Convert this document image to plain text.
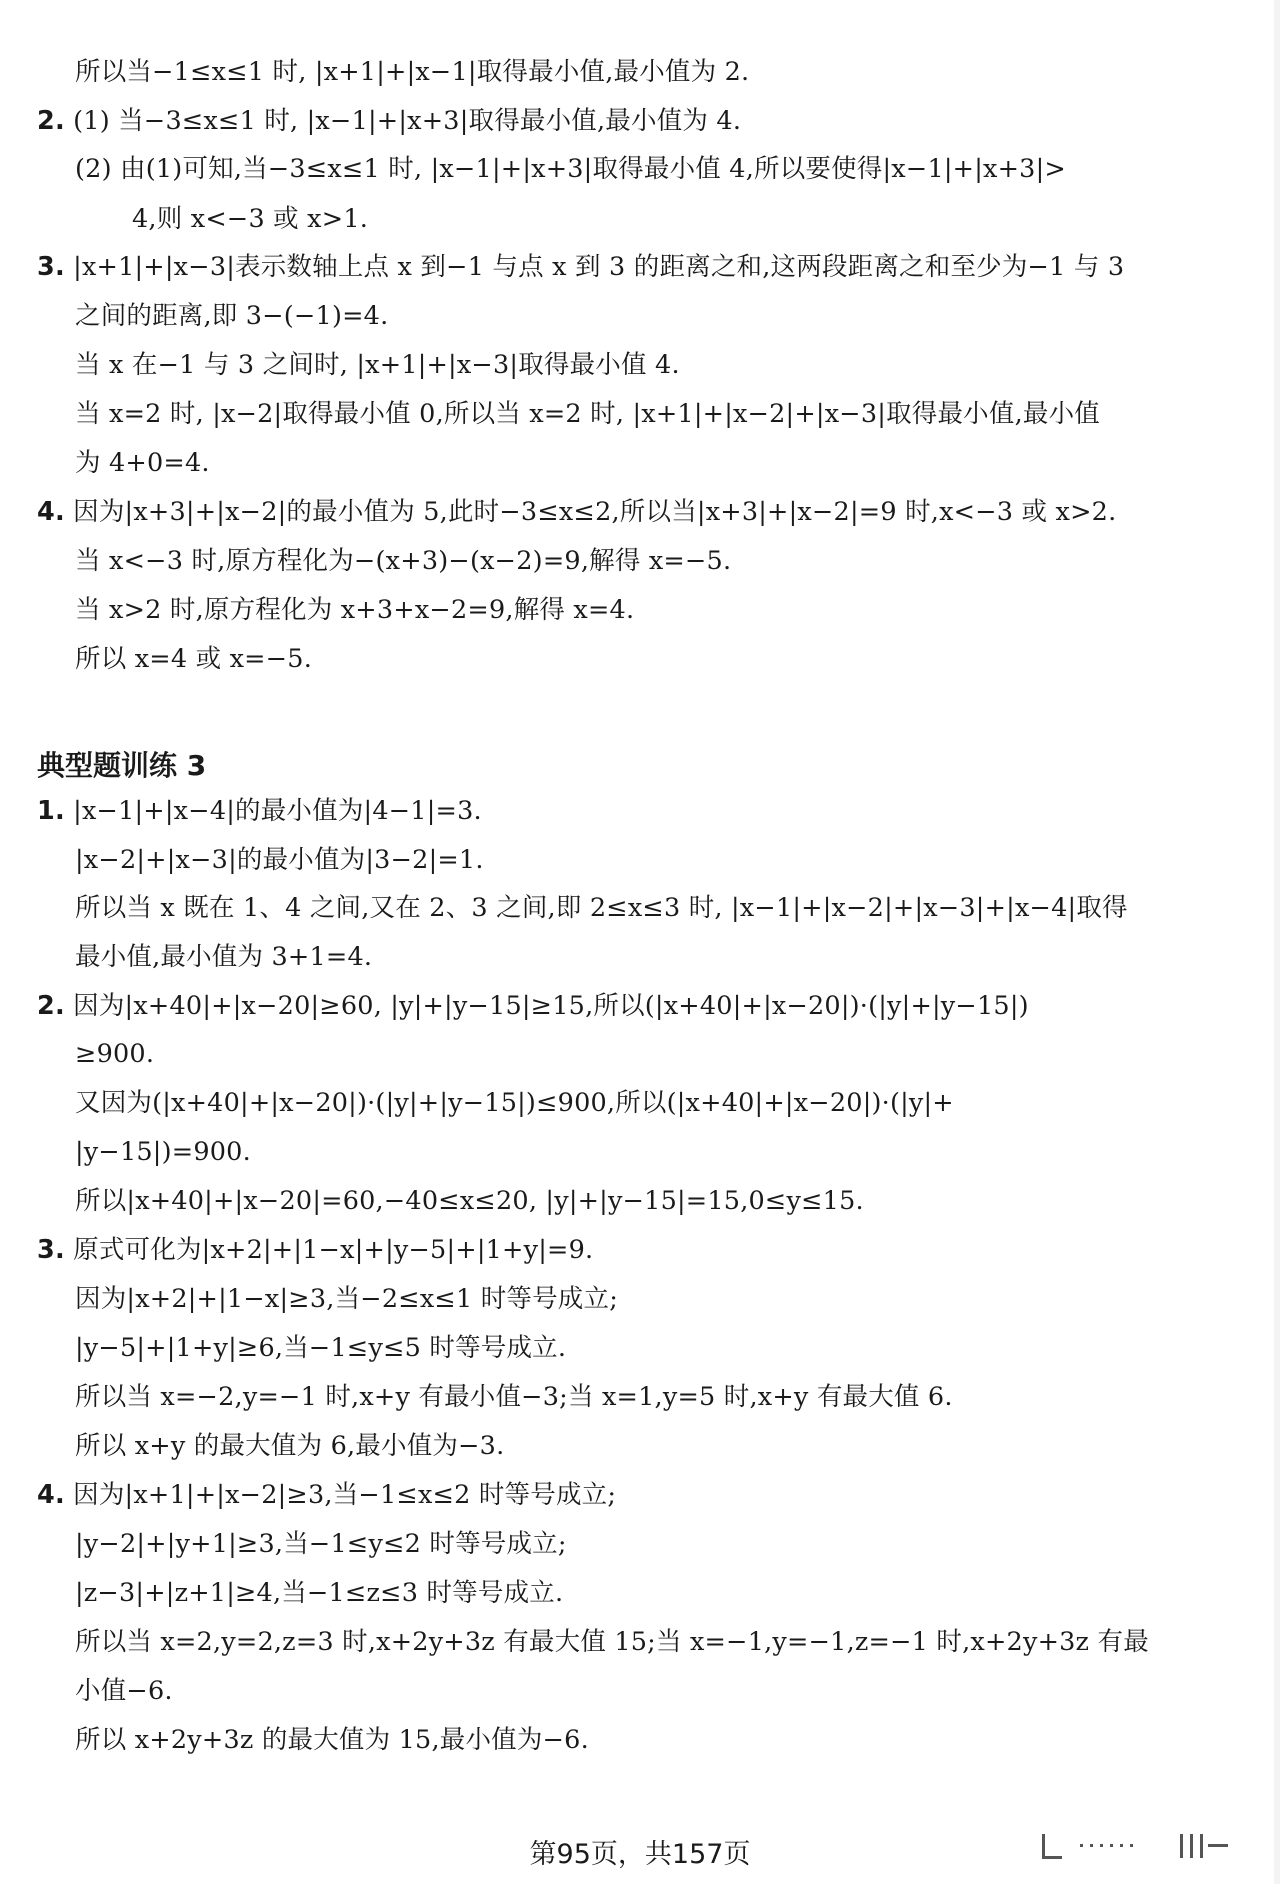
所以当−1≤x≤1 时, |x+1|+|x−1|取得最小值,最小值为 2.
2. (1) 当−3≤x≤1 时, |x−1|+|x+3|取得最小值,最小值为 4.
(2) 由(1)可知,当−3≤x≤1 时, |x−1|+|x+3|取得最小值 4,所以要使得|x−1|+|x+3|>
4,则 x<−3 或 x>1.
3. |x+1|+|x−3|表示数轴上点 x 到−1 与点 x 到 3 的距离之和,这两段距离之和至少为−1 与 3
之间的距离,即 3−(−1)=4.
当 x 在−1 与 3 之间时, |x+1|+|x−3|取得最小值 4.
当 x=2 时, |x−2|取得最小值 0,所以当 x=2 时, |x+1|+|x−2|+|x−3|取得最小值,最小值
为 4+0=4.
4. 因为|x+3|+|x−2|的最小值为 5,此时−3≤x≤2,所以当|x+3|+|x−2|=9 时,x<−3 或 x>2.
当 x<−3 时,原方程化为−(x+3)−(x−2)=9,解得 x=−5.
当 x>2 时,原方程化为 x+3+x−2=9,解得 x=4.
所以 x=4 或 x=−5.
典型题训练 3
1. |x−1|+|x−4|的最小值为|4−1|=3.
|x−2|+|x−3|的最小值为|3−2|=1.
所以当 x 既在 1、4 之间,又在 2、3 之间,即 2≤x≤3 时, |x−1|+|x−2|+|x−3|+|x−4|取得
最小值,最小值为 3+1=4.
2. 因为|x+40|+|x−20|≥60, |y|+|y−15|≥15,所以(|x+40|+|x−20|)·(|y|+|y−15|)
≥900.
又因为(|x+40|+|x−20|)·(|y|+|y−15|)≤900,所以(|x+40|+|x−20|)·(|y|+
|y−15|)=900.
所以|x+40|+|x−20|=60,−40≤x≤20, |y|+|y−15|=15,0≤y≤15.
3. 原式可化为|x+2|+|1−x|+|y−5|+|1+y|=9.
因为|x+2|+|1−x|≥3,当−2≤x≤1 时等号成立;
|y−5|+|1+y|≥6,当−1≤y≤5 时等号成立.
所以当 x=−2,y=−1 时,x+y 有最小值−3;当 x=1,y=5 时,x+y 有最大值 6.
所以 x+y 的最大值为 6,最小值为−3.
4. 因为|x+1|+|x−2|≥3,当−1≤x≤2 时等号成立;
|y−2|+|y+1|≥3,当−1≤y≤2 时等号成立;
|z−3|+|z+1|≥4,当−1≤z≤3 时等号成立.
所以当 x=2,y=2,z=3 时,x+2y+3z 有最大值 15;当 x=−1,y=−1,z=−1 时,x+2y+3z 有最
小值−6.
所以 x+2y+3z 的最大值为 15,最小值为−6.
第95页，共157页
